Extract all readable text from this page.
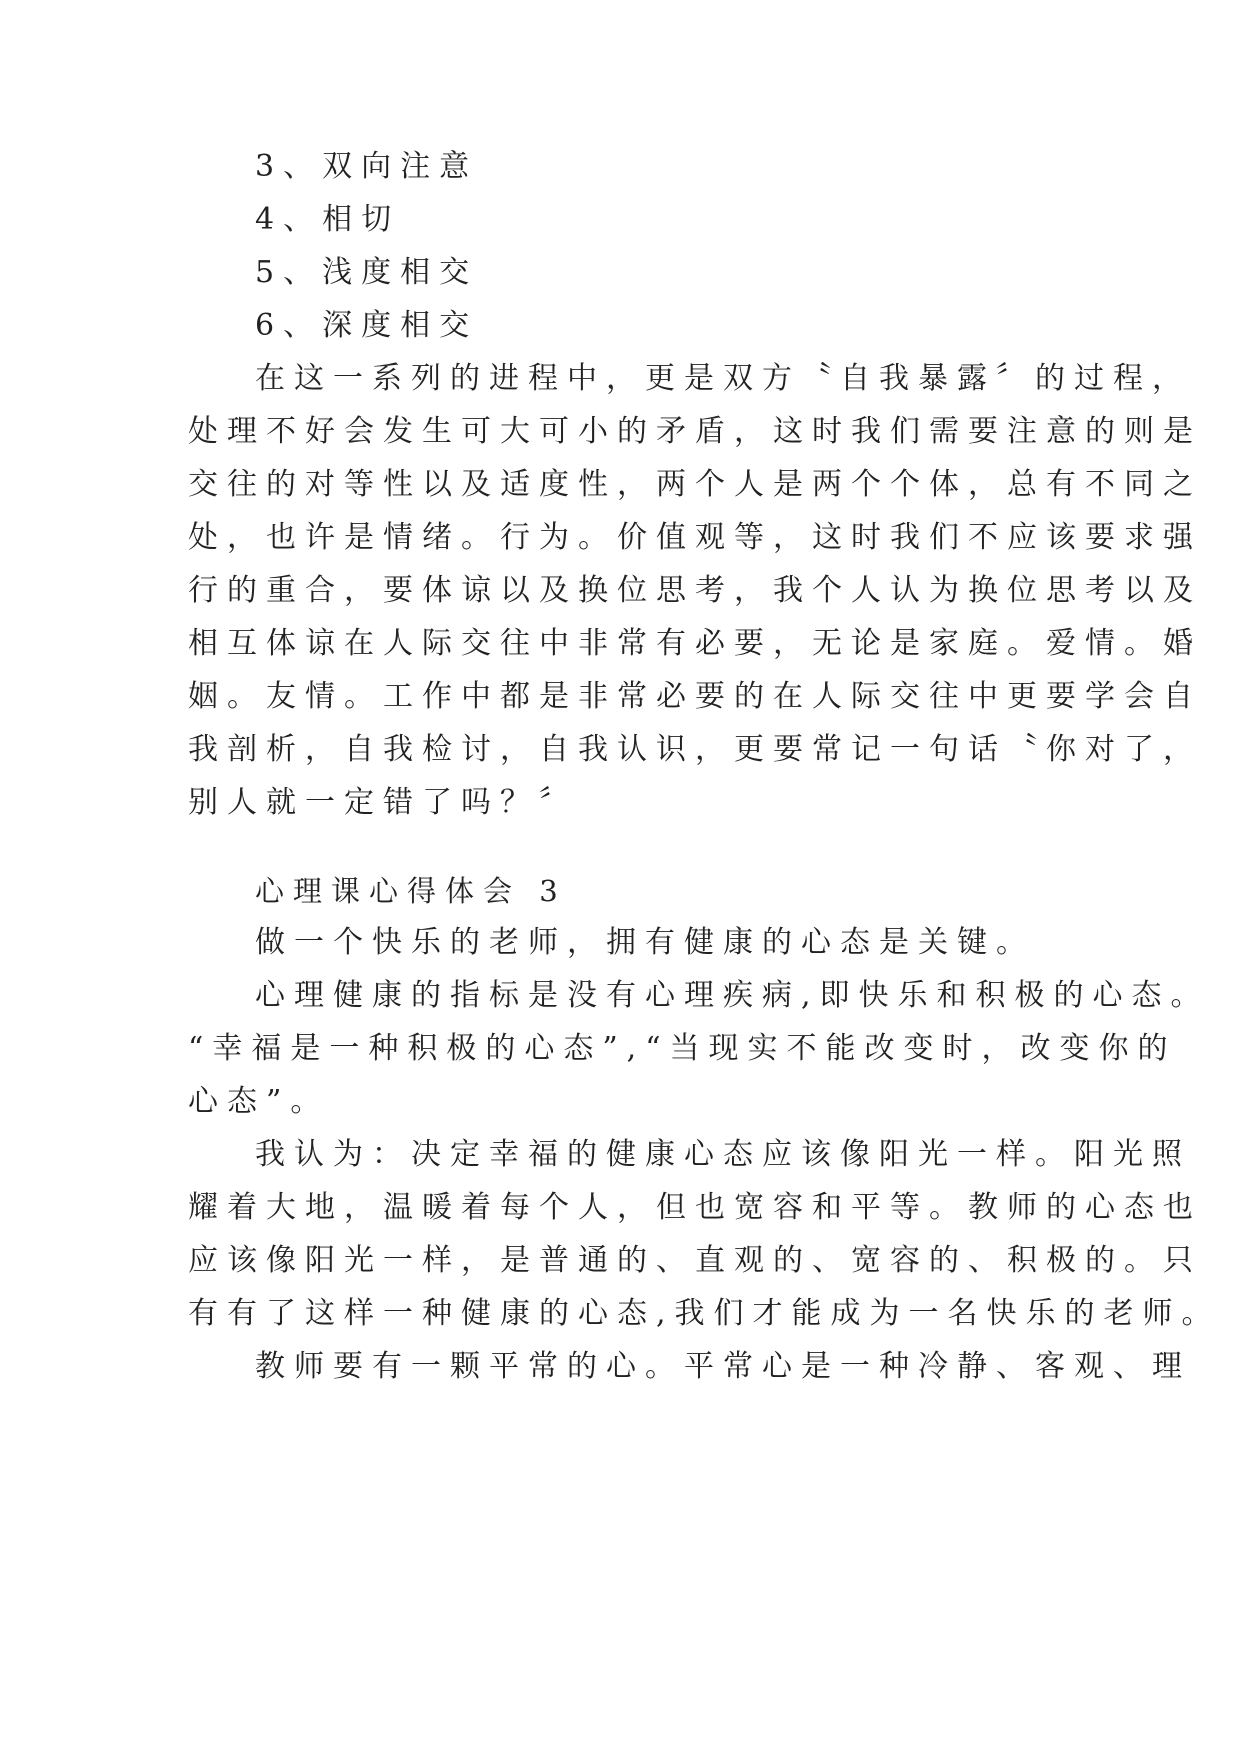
3、双向注意
4、相切
5、浅度相交
6、深度相交
在这一系列的进程中，更是双方〝自我暴露〞的过程，
处理不好会发生可大可小的矛盾，这时我们需要注意的则是
交往的对等性以及适度性，两个人是两个个体，总有不同之
处，也许是情绪。行为。价值观等，这时我们不应该要求强
行的重合，要体谅以及换位思考，我个人认为换位思考以及
相互体谅在人际交往中非常有必要，无论是家庭。爱情。婚
姻。友情。工作中都是非常必要的在人际交往中更要学会自
我剖析，自我检讨，自我认识，更要常记一句话〝你对了，
别人就一定错了吗？〞
心理课心得体会 3
做一个快乐的老师，拥有健康的心态是关键。
心理健康的指标是没有心理疾病,即快乐和积极的心态。
“幸福是一种积极的心态”,“当现实不能改变时，改变你的
心态”。
我认为：决定幸福的健康心态应该像阳光一样。阳光照
耀着大地，温暖着每个人，但也宽容和平等。教师的心态也
应该像阳光一样，是普通的、直观的、宽容的、积极的。只
有有了这样一种健康的心态,我们才能成为一名快乐的老师。
教师要有一颗平常的心。平常心是一种冷静、客观、理
